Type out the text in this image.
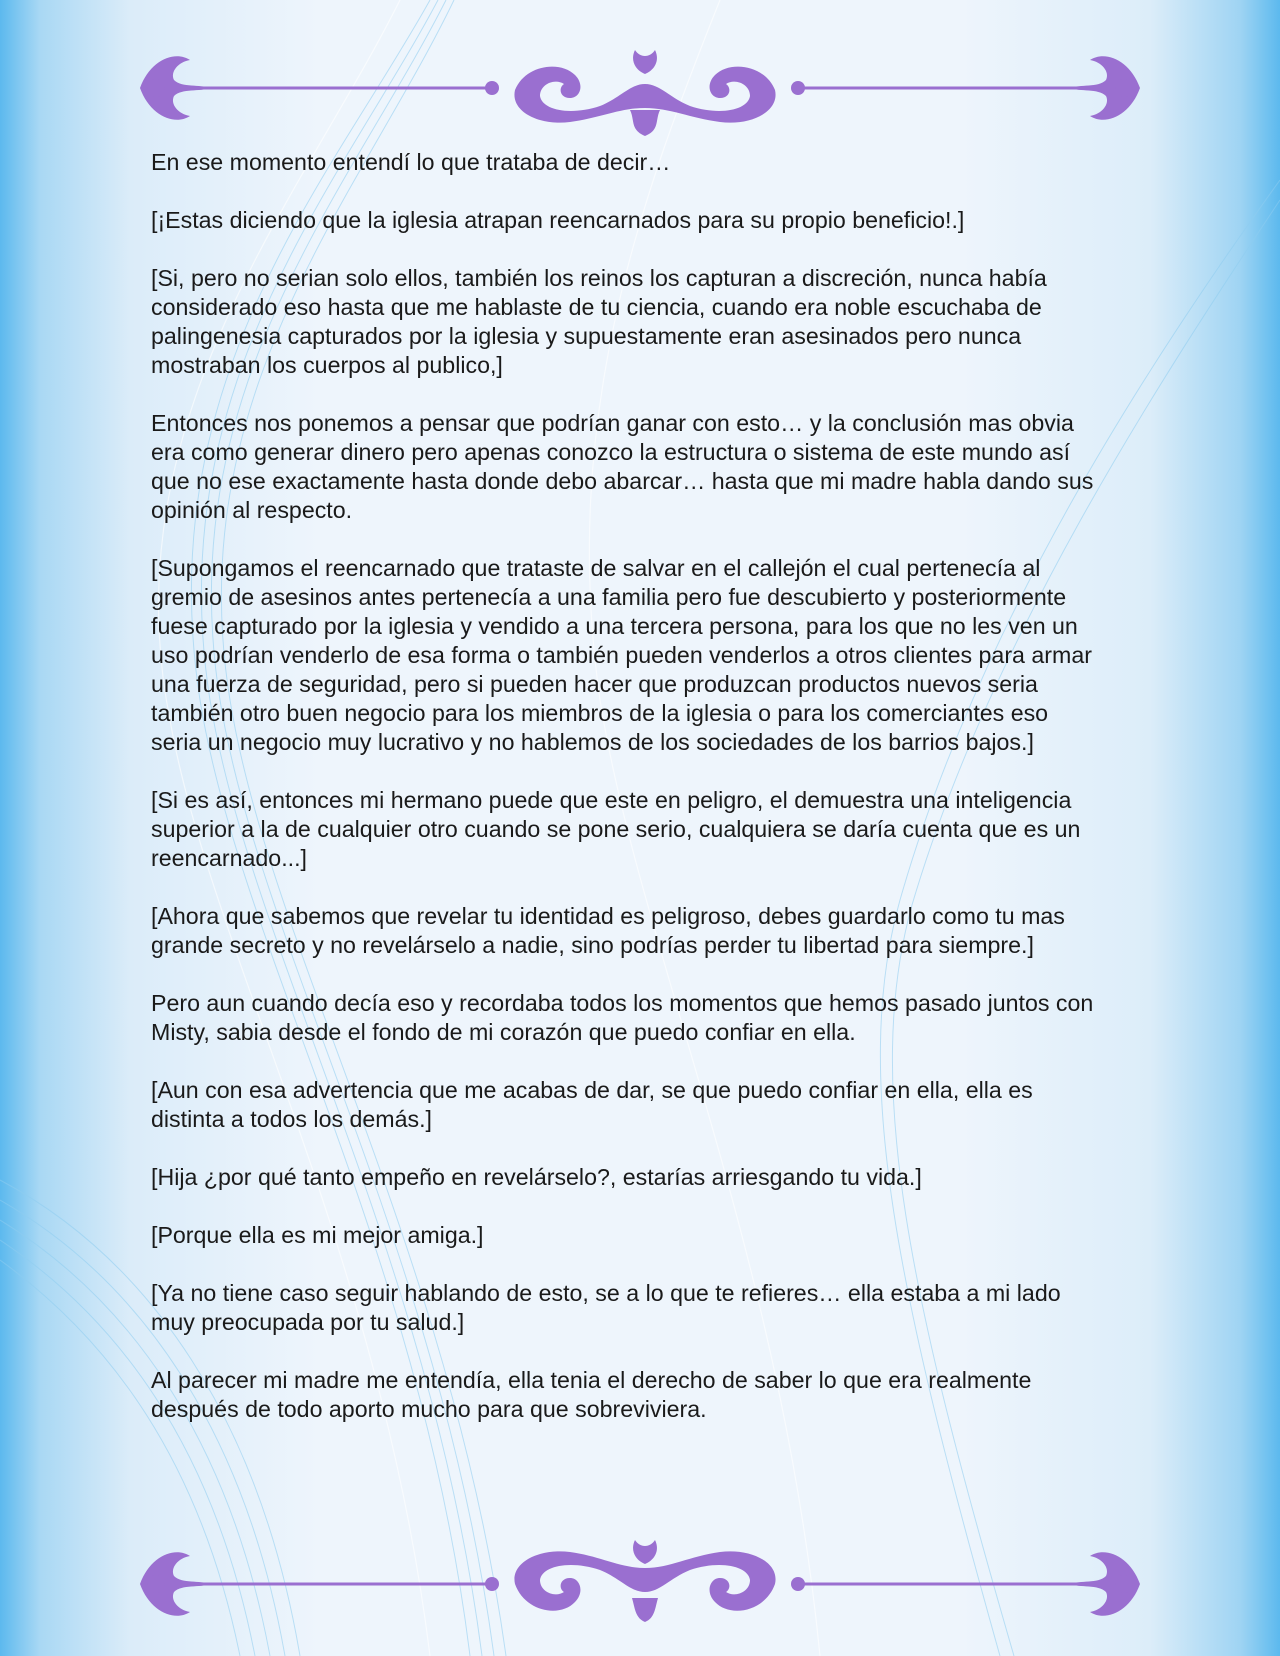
En ese momento entendí lo que trataba de decir…

[¡Estas diciendo que la iglesia atrapan reencarnados para su propio beneficio!.]

[Si, pero no serian solo ellos, también los reinos los capturan a discreción, nunca había considerado eso hasta que me hablaste de tu ciencia, cuando era noble escuchaba de palingenesia capturados por la iglesia y supuestamente eran asesinados pero nunca mostraban los cuerpos al publico,]

Entonces nos ponemos a pensar que podrían ganar con esto… y la conclusión mas obvia era como generar dinero pero apenas conozco la estructura o sistema de este mundo así que no ese exactamente hasta donde debo abarcar… hasta que mi madre habla dando sus opinión al respecto.

[Supongamos el reencarnado que trataste de salvar en el callejón el cual pertenecía al gremio de asesinos antes pertenecía a una familia pero fue descubierto y posteriormente fuese capturado por la iglesia y vendido a una tercera persona, para los que no les ven un uso podrían venderlo de esa forma o también pueden venderlos a otros clientes para armar una fuerza de seguridad, pero si pueden hacer que produzcan productos nuevos seria también otro buen negocio para los miembros de la iglesia o para los comerciantes eso seria un negocio muy lucrativo y no hablemos de los sociedades de los barrios bajos.]

[Si es así, entonces mi hermano puede que este en peligro, el demuestra una inteligencia superior a la de cualquier otro cuando se pone serio, cualquiera se daría cuenta que es un reencarnado...]

[Ahora que sabemos que revelar tu identidad es peligroso, debes guardarlo como tu mas grande secreto y no revelárselo a nadie, sino podrías perder tu libertad para siempre.]

Pero aun cuando decía eso y recordaba todos los momentos que hemos pasado juntos con Misty, sabia desde el fondo de mi corazón que puedo confiar en ella.

[Aun con esa advertencia que me acabas de dar, se que puedo confiar en ella, ella es distinta a todos los demás.]

[Hija ¿por qué tanto empeño en revelárselo?, estarías arriesgando tu vida.]

[Porque ella es mi mejor amiga.]

[Ya no tiene caso seguir hablando de esto, se a lo que te refieres… ella estaba a mi lado muy preocupada por tu salud.]

Al parecer mi madre me entendía, ella tenia el derecho de saber lo que era realmente después de todo aporto mucho para que sobreviviera.
